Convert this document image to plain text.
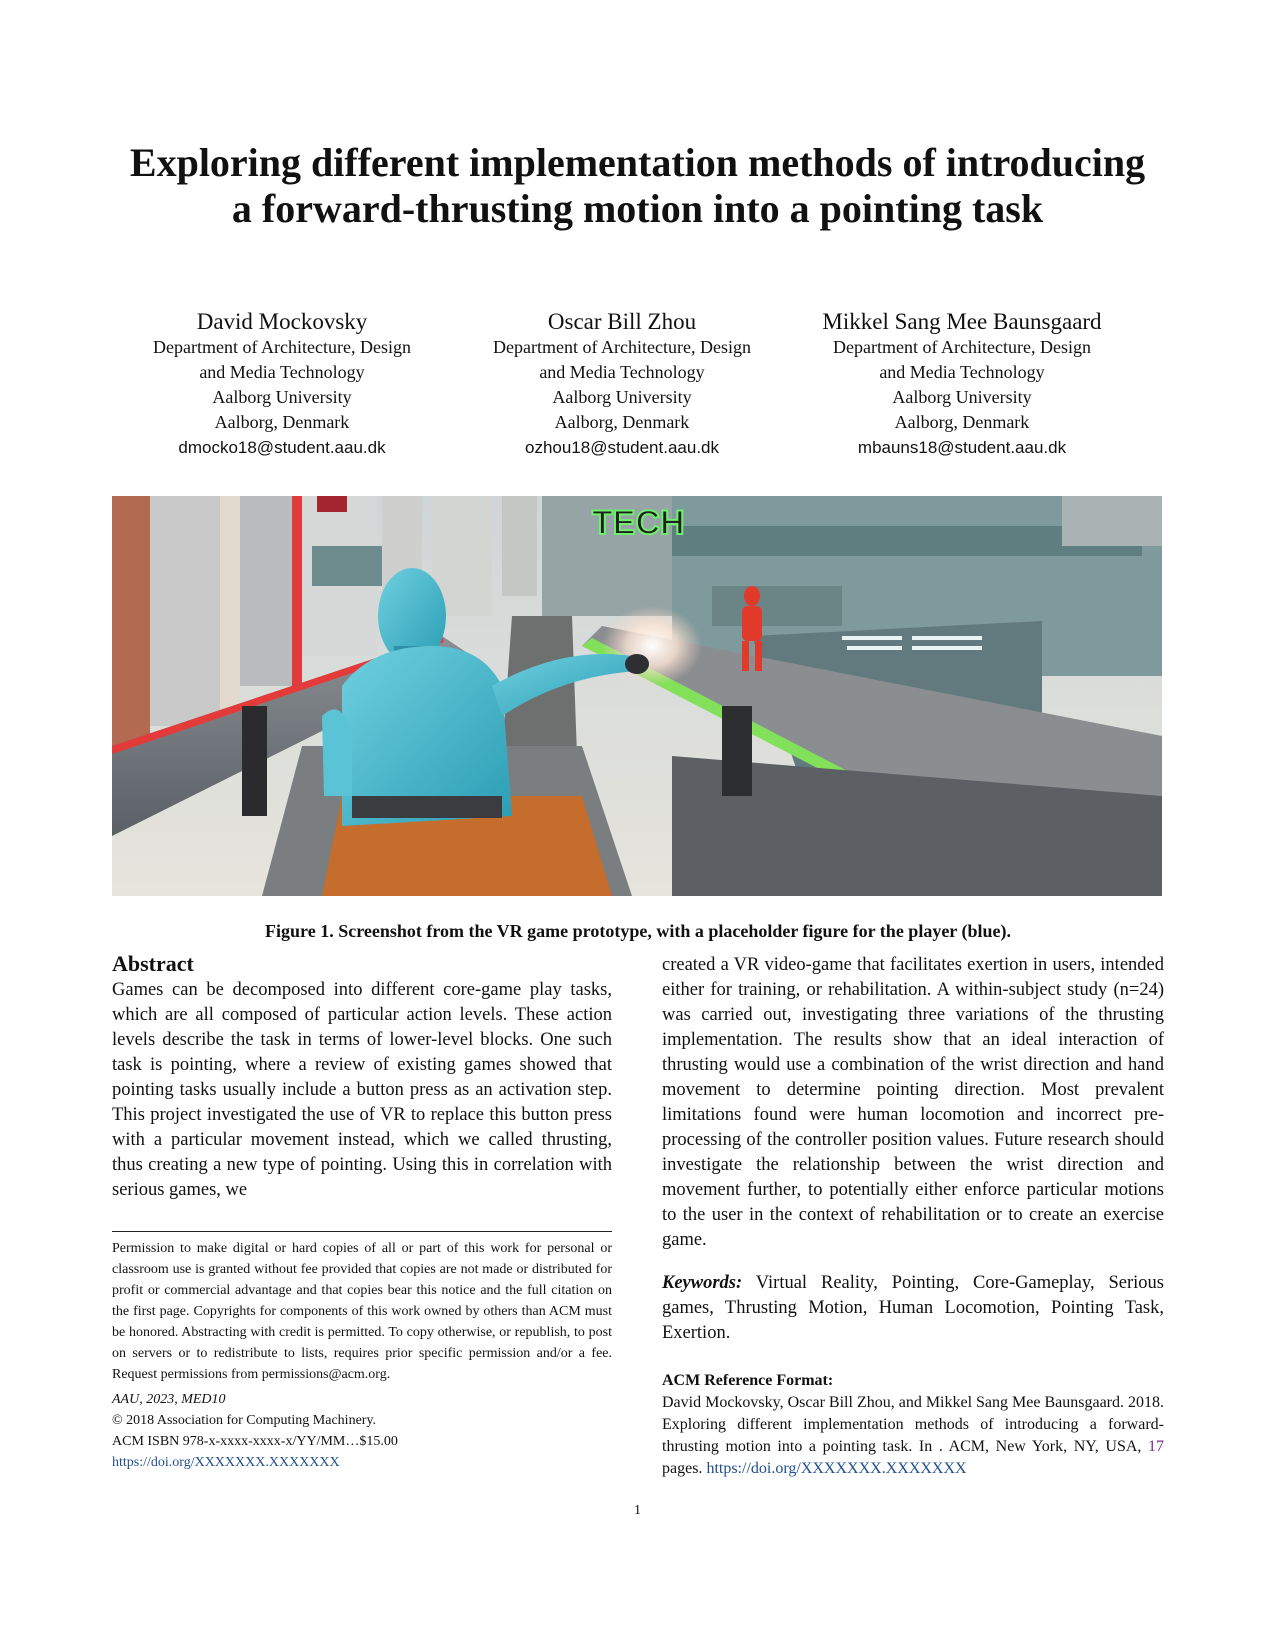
Exploring different implementation methods of introducing a forward-thrusting motion into a pointing task
David Mockovsky
Department of Architecture, Design
and Media Technology
Aalborg University
Aalborg, Denmark
dmocko18@student.aau.dk
Oscar Bill Zhou
Department of Architecture, Design
and Media Technology
Aalborg University
Aalborg, Denmark
ozhou18@student.aau.dk
Mikkel Sang Mee Baunsgaard
Department of Architecture, Design
and Media Technology
Aalborg University
Aalborg, Denmark
mbauns18@student.aau.dk
TECH
Figure 1. Screenshot from the VR game prototype, with a placeholder figure for the player (blue).
Abstract

Games can be decomposed into different core-game play tasks, which are all composed of particular action levels. These action levels describe the task in terms of lower-level blocks. One such task is pointing, where a review of existing games showed that pointing tasks usually include a button press as an activation step. This project investigated the use of VR to replace this button press with a particular movement instead, which we called thrusting, thus creating a new type of pointing. Using this in correlation with serious games, we

Permission to make digital or hard copies of all or part of this work for personal or classroom use is granted without fee provided that copies are not made or distributed for profit or commercial advantage and that copies bear this notice and the full citation on the first page. Copyrights for components of this work owned by others than ACM must be honored. Abstracting with credit is permitted. To copy otherwise, or republish, to post on servers or to redistribute to lists, requires prior specific permission and/or a fee. Request permissions from permissions@acm.org.

AAU, 2023, MED10

© 2018 Association for Computing Machinery.

ACM ISBN 978-x-xxxx-xxxx-x/YY/MM…$15.00

https://doi.org/XXXXXXX.XXXXXXX

created a VR video-game that facilitates exertion in users, intended either for training, or rehabilitation. A within-subject study (n=24) was carried out, investigating three variations of the thrusting implementation. The results show that an ideal interaction of thrusting would use a combination of the wrist direction and hand movement to determine pointing direction. Most prevalent limitations found were human locomotion and incorrect pre-processing of the controller position values. Future research should investigate the relationship between the wrist direction and movement further, to potentially either enforce particular motions to the user in the context of rehabilitation or to create an exercise game.

Keywords: Virtual Reality, Pointing, Core-Gameplay, Serious games, Thrusting Motion, Human Locomotion, Pointing Task, Exertion.

ACM Reference Format:

David Mockovsky, Oscar Bill Zhou, and Mikkel Sang Mee Baunsgaard. 2018. Exploring different implementation methods of introducing a forward-thrusting motion into a pointing task. In . ACM, New York, NY, USA, 17 pages. https://doi.org/XXXXXXX.XXXXXXX

1
